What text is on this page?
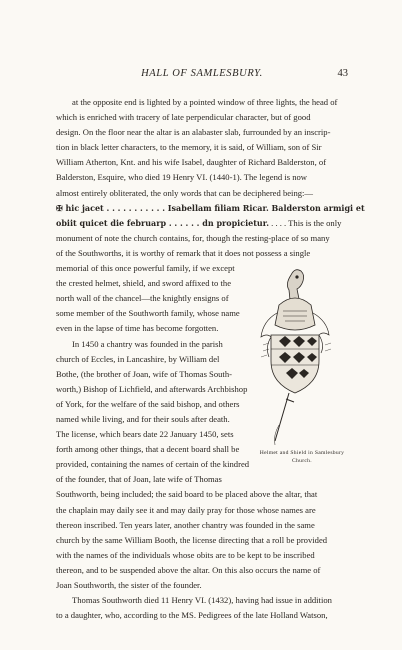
HALL OF SAMLESBURY.	43

at the opposite end is lighted by a pointed window of three lights, the head of
which is enriched with tracery of late perpendicular character, but of good
design. On the floor near the altar is an alabaster slab, furrounded by an inscrip-
tion in black letter characters, to the memory, it is said, of William, son of Sir
William Atherton, Knt. and his wife Isabel, daughter of Richard Balderston, of
Balderston, Esquire, who died 19 Henry VI. (1440-1). The legend is now
almost entirely obliterated, the only words that can be deciphered being:—
✠ hic jacet . . . . . . . . . . . Isabellam filiam Ricar. Balderston armigi et
obiit quicet die februarp . . . . . . dn propicietur. . . . . This is the only
monument of note the church contains, for, though the resting-place of so many
of the Southworths, it is worthy of remark that it does not possess a single
memorial of this once powerful family, if we except
the crested helmet, shield, and sword affixed to the
north wall of the chancel—the knightly ensigns of
some member of the Southworth family, whose name
even in the lapse of time has become forgotten.

In 1450 a chantry was founded in the parish
church of Eccles, in Lancashire, by William del
Bothe, (the brother of Joan, wife of Thomas South-
worth,) Bishop of Lichfield, and afterwards Archbishop
of York, for the welfare of the said bishop, and others
named while living, and for their souls after death.
The license, which bears date 22 January 1450, sets
forth among other things, that a decent board shall be
provided, containing the names of certain of the kindred
of the founder, that of Joan, late wife of Thomas
Southworth, being included; the said board to be placed above the altar, that
the chaplain may daily see it and may daily pray for those whose names are
thereon inscribed. Ten years later, another chantry was founded in the same
church by the same William Booth, the license directing that a roll be provided
with the names of the individuals whose obits are to be kept to be inscribed
thereon, and to be suspended above the altar. On this also occurs the name of
Joan Southworth, the sister of the founder.

Thomas Southworth died 11 Henry VI. (1432), having had issue in addition
to a daughter, who, according to the MS. Pedigrees of the late Holland Watson,

Helmet and Shield in Samlesbury
Church.
